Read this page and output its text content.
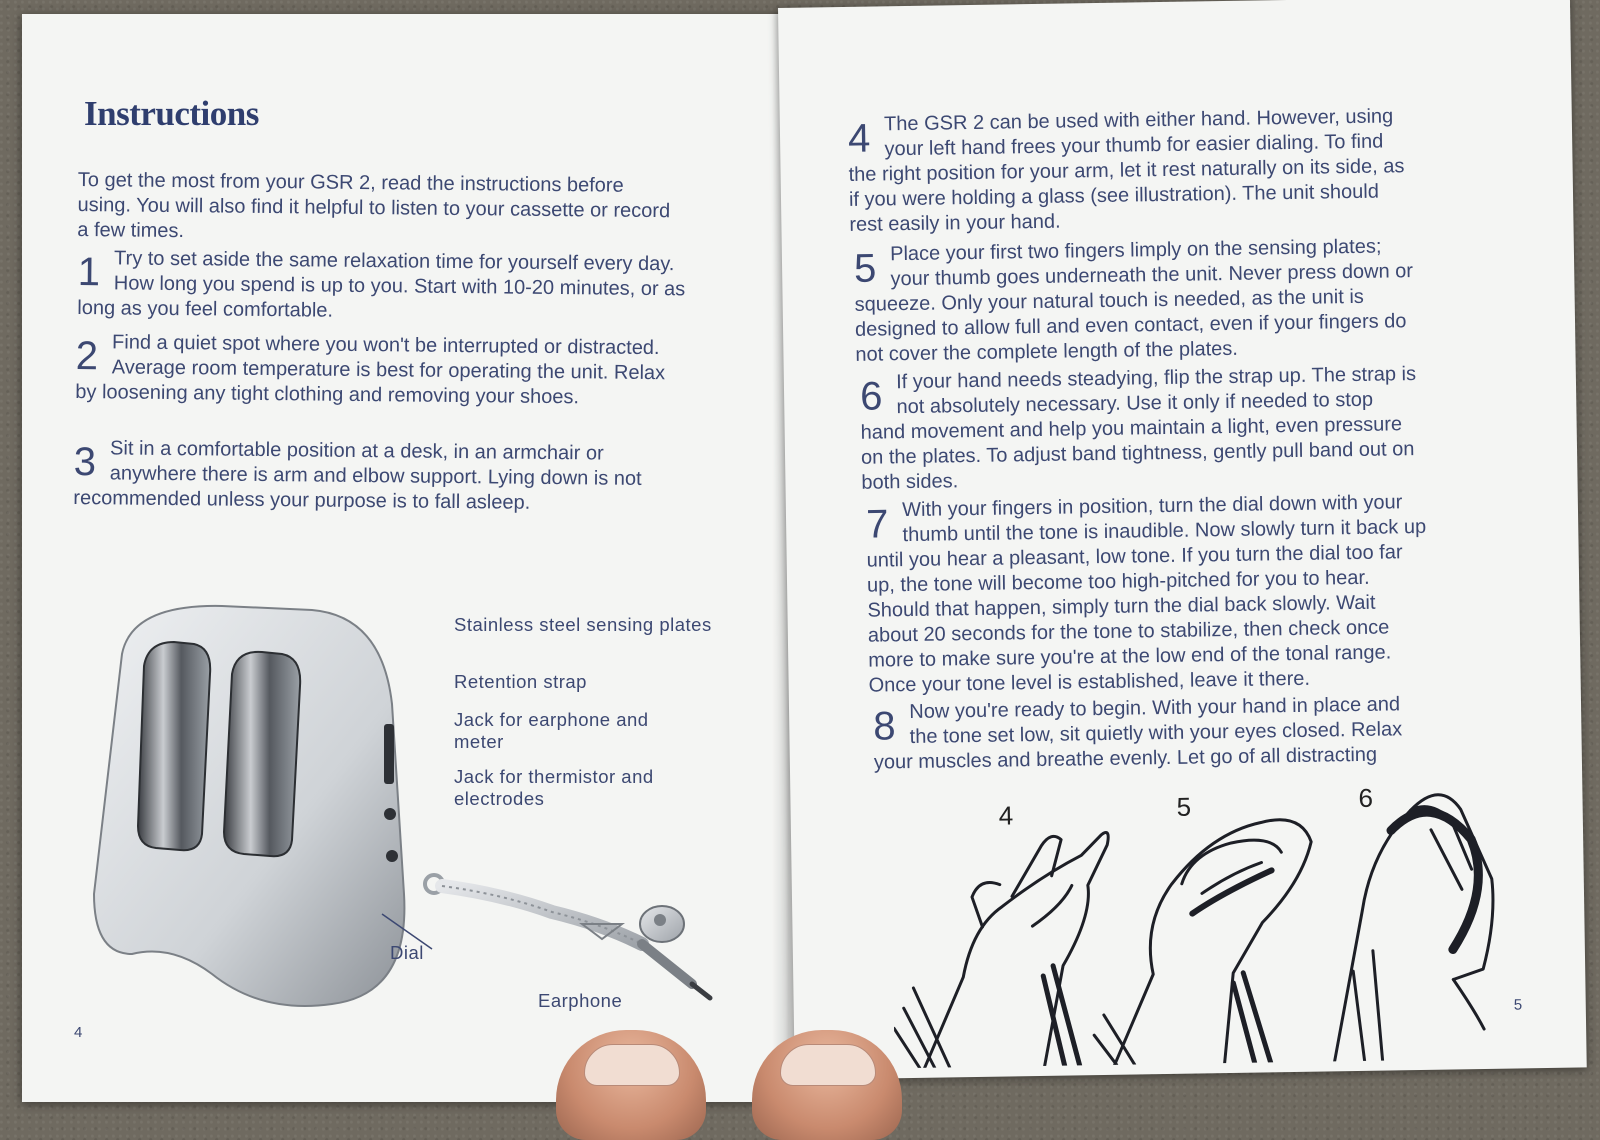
Instructions
To get the most from your GSR 2, read the instructions before using. You will also find it helpful to listen to your cassette or record a few times.
1 Try to set aside the same relaxation time for yourself every day. How long you spend is up to you. Start with 10-20 minutes, or as long as you feel comfortable.

2 Find a quiet spot where you won't be interrupted or distracted. Average room temperature is best for operating the unit. Relax by loosening any tight clothing and removing your shoes.

3 Sit in a comfortable position at a desk, in an armchair or anywhere there is arm and elbow support. Lying down is not recommended unless your purpose is to fall asleep.

Stainless steel sensing plates
Retention strap
Jack for earphone and meter
Jack for thermistor and electrodes
Dial
Earphone
4
4 The GSR 2 can be used with either hand. However, using your left hand frees your thumb for easier dialing. To find the right position for your arm, let it rest naturally on its side, as if you were holding a glass (see illustration). The unit should rest easily in your hand.

5 Place your first two fingers limply on the sensing plates; your thumb goes underneath the unit. Never press down or squeeze. Only your natural touch is needed, as the unit is designed to allow full and even contact, even if your fingers do not cover the complete length of the plates.

6 If your hand needs steadying, flip the strap up. The strap is not absolutely necessary. Use it only if needed to stop hand movement and help you maintain a light, even pressure on the plates. To adjust band tightness, gently pull band out on both sides.

7 With your fingers in position, turn the dial down with your thumb until the tone is inaudible. Now slowly turn it back up until you hear a pleasant, low tone. If you turn the dial too far up, the tone will become too high-pitched for you to hear. Should that happen, simply turn the dial back slowly. Wait about 20 seconds for the tone to stabilize, then check once more to make sure you're at the low end of the tonal range. Once your tone level is established, leave it there.

8 Now you're ready to begin. With your hand in place and the tone set low, sit quietly with your eyes closed. Relax your muscles and breathe evenly. Let go of all distracting

4	5	6
5
